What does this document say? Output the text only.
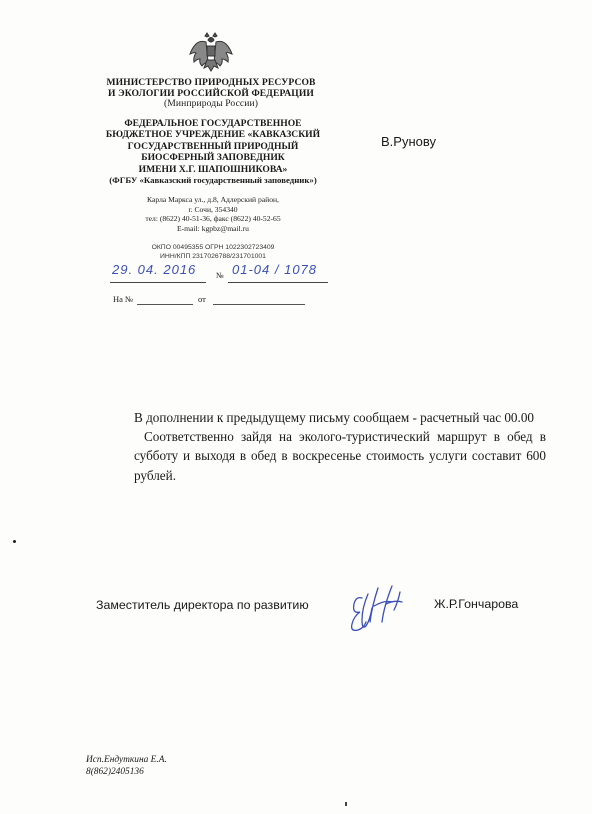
МИНИСТЕРСТВО ПРИРОДНЫХ РЕСУРСОВ
И ЭКОЛОГИИ РОССИЙСКОЙ ФЕДЕРАЦИИ
(Минприроды России)
ФЕДЕРАЛЬНОЕ ГОСУДАРСТВЕННОЕ
БЮДЖЕТНОЕ УЧРЕЖДЕНИЕ «КАВКАЗСКИЙ
ГОСУДАРСТВЕННЫЙ ПРИРОДНЫЙ
БИОСФЕРНЫЙ ЗАПОВЕДНИК
ИМЕНИ Х.Г. ШАПОШНИКОВА»
(ФГБУ «Кавказский государственный заповедник»)
Карла Маркса ул., д.8, Адлерский район,
г. Сочи, 354340
тел: (8622) 40-51-36, факс (8622) 40-52-65
E-mail: kgpbz@mail.ru
ОКПО 00495355 ОГРН 1022302723409
ИНН/КПП 2317026788/231701001
29. 04. 2016 № 01-04 / 1078
На №	от
В.Рунову

В дополнении к предыдущему письму сообщаем - расчетный час 00.00

Соответственно зайдя на эколого-туристический маршрут в обед в субботу и выходя в обед в воскресенье стоимость услуги составит 600 рублей.

Заместитель директора по развитию	Ж.Р.Гончарова
Исп.Ендуткина Е.А.
8(862)2405136
